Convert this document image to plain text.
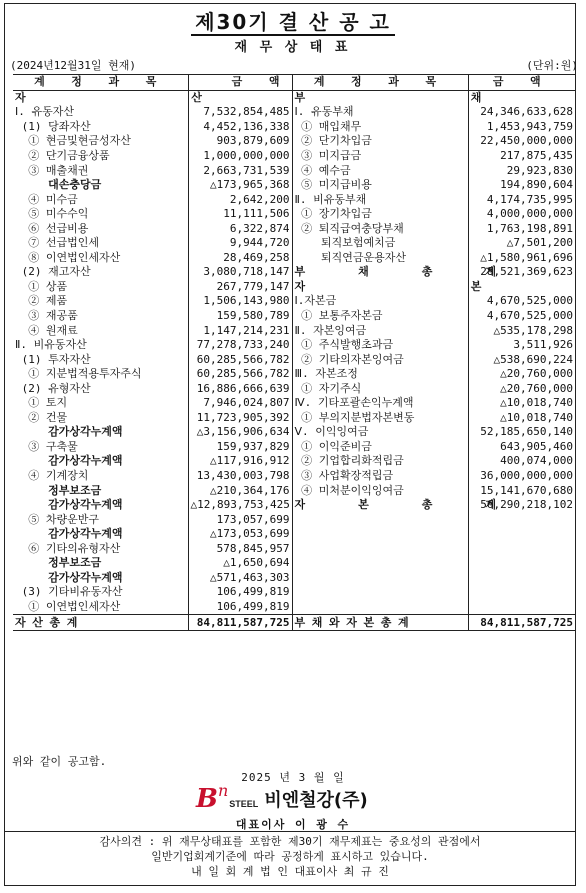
제30기 결 산 공 고
재 무 상 태 표
(2024년12월31일 현재)	(단위:원)
계 정 과 목	금 액	계 정 과 목	금 액
자                         산		부                         채	
Ⅰ. 유동자산	7,532,854,485	Ⅰ. 유동부채	24,346,633,628
(1) 당좌자산	4,452,136,338	① 매입채무	1,453,943,759
① 현금및현금성자산	903,879,609	② 단기차입금	22,450,000,000
② 단기금융상품	1,000,000,000	③ 미지급금	217,875,435
③ 매출채권	2,663,731,539	④ 예수금	29,923,830
대손충당금	△173,965,368	⑤ 미지급비용	194,890,604
④ 미수금	2,642,200	Ⅱ. 비유동부채	4,174,735,995
⑤ 미수수익	11,111,506	① 장기차입금	4,000,000,000
⑥ 선급비용	6,322,874	② 퇴직급여충당부채	1,763,198,891
⑦ 선급법인세	9,944,720	퇴직보험예치금	△7,501,200
⑧ 이연법인세자산	28,469,258	퇴직연금운용자산	△1,580,961,696
(2) 재고자산	3,080,718,147	부        채        총        계	28,521,369,623
① 상품	267,779,147	자                         본	
② 제품	1,506,143,980	Ⅰ.자본금	4,670,525,000
③ 재공품	159,580,789	① 보통주자본금	4,670,525,000
④ 원재료	1,147,214,231	Ⅱ. 자본잉여금	△535,178,298
Ⅱ. 비유동자산	77,278,733,240	① 주식발행초과금	3,511,926
(1) 투자자산	60,285,566,782	② 기타의자본잉여금	△538,690,224
① 지분법적용투자주식	60,285,566,782	Ⅲ. 자본조정	△20,760,000
(2) 유형자산	16,886,666,639	① 자기주식	△20,760,000
① 토지	7,946,024,807	Ⅳ. 기타포괄손익누계액	△10,018,740
② 건물	11,723,905,392	① 부의지분법자본변동	△10,018,740
감가상각누계액	△3,156,906,634	Ⅴ. 이익잉여금	52,185,650,140
③ 구축물	159,937,829	① 이익준비금	643,905,460
감가상각누계액	△117,916,912	② 기업합리화적립금	400,074,000
④ 기계장치	13,430,003,798	③ 사업확장적립금	36,000,000,000
정부보조금	△210,364,176	④ 미처분이익잉여금	15,141,670,680
감가상각누계액	△12,893,753,425	자        본        총        계	56,290,218,102
⑤ 차량운반구	173,057,699		
감가상각누계액	△173,053,699		
⑥ 기타의유형자산	578,845,957		
정부보조금	△1,650,694		
감가상각누계액	△571,463,303		
(3) 기타비유동자산	106,499,819		
① 이연법인세자산	106,499,819		
자 산 총 계	84,811,587,725	부 채 와 자 본 총 계	84,811,587,725
위와 같이 공고함.
2025 년 3 월 일
B n
STEEL 비엔철강(주)
대표이사 이 광 수
감사의견 : 위 재무상태표를 포함한 제30기 재무제표는 중요성의 관점에서
일반기업회계기준에 따라 공정하게 표시하고 있습니다.
내 일 회 계 법 인 대표이사 최 규 진
